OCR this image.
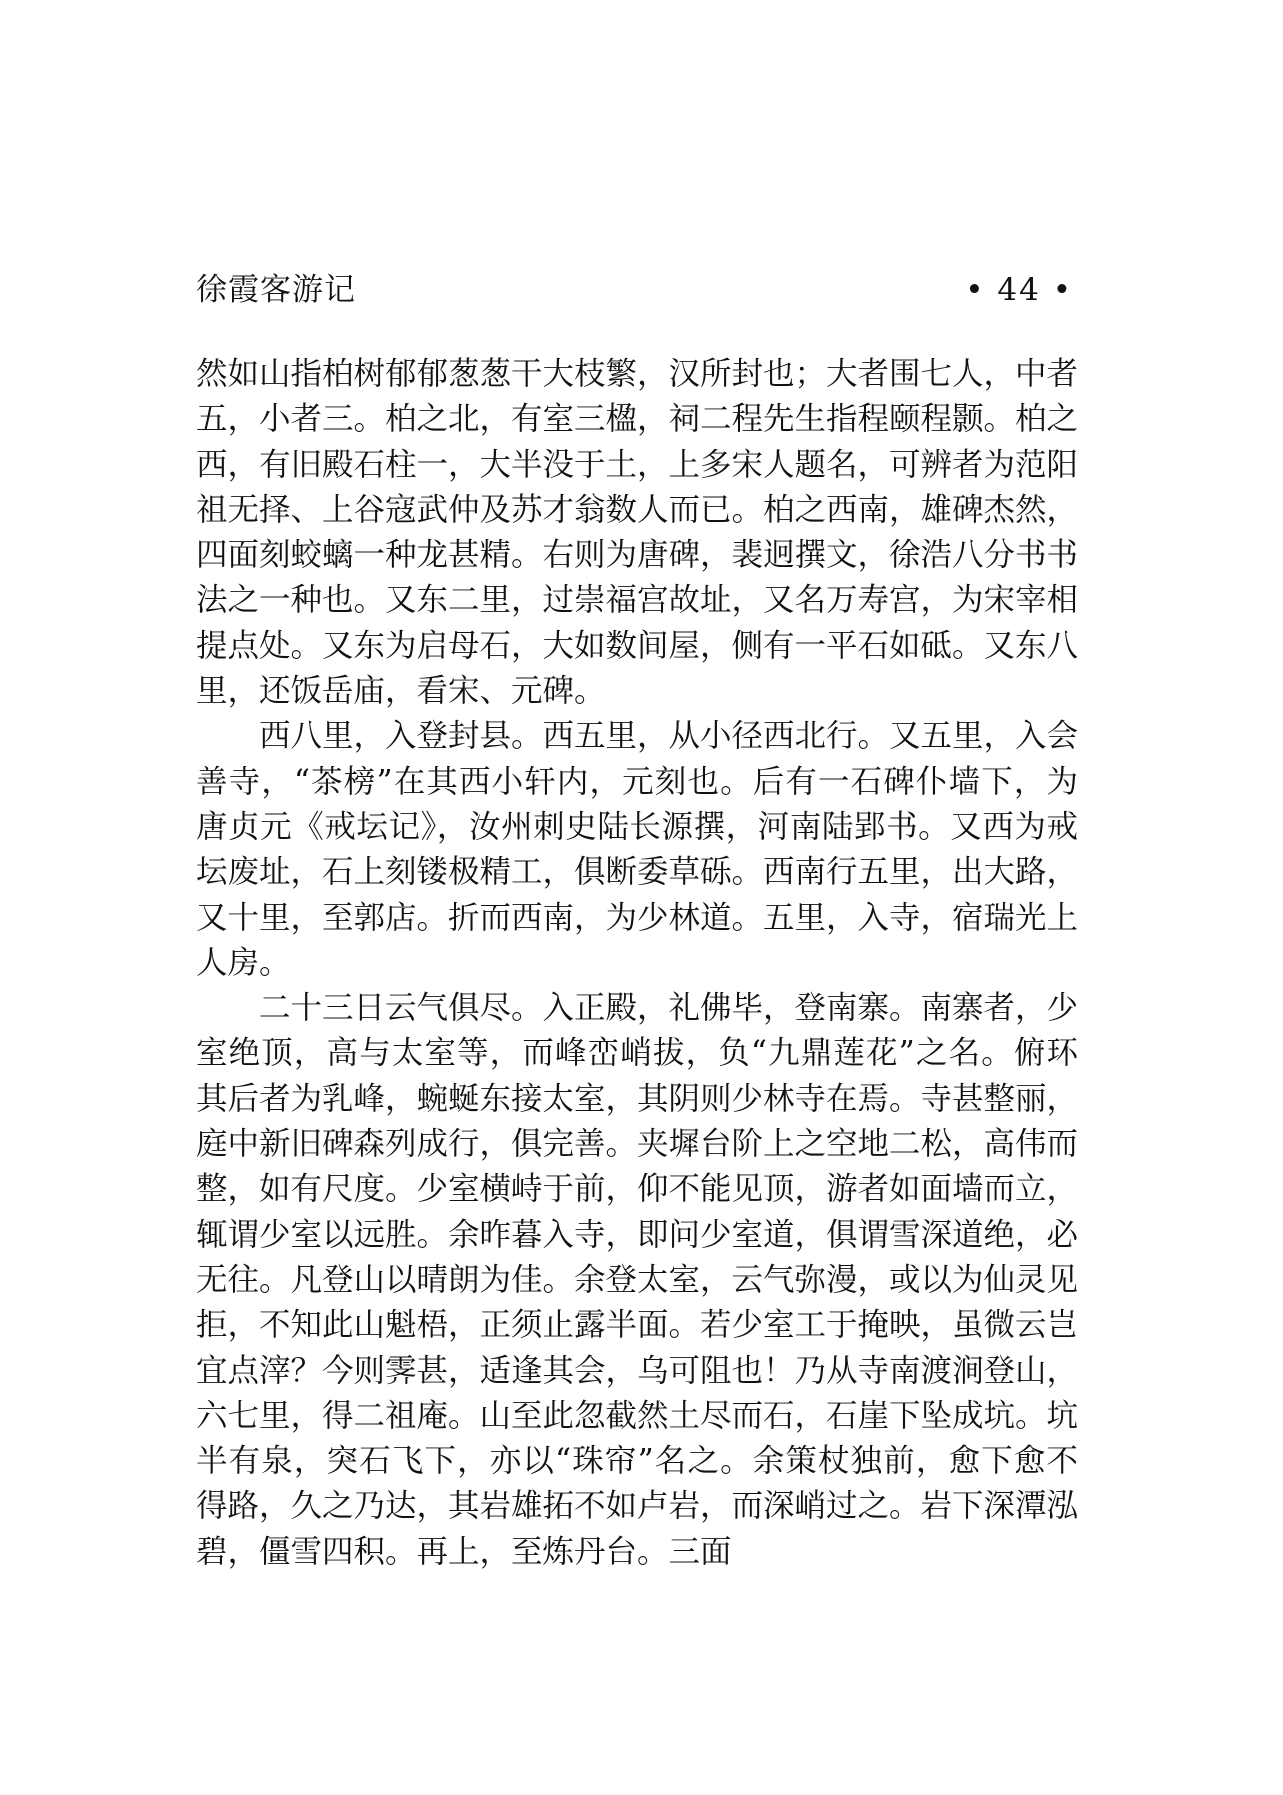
徐霞客游记	• 44 •

然如山指柏树郁郁葱葱干大枝繁，汉所封也；大者围七人，中者五，小者三。柏之北，有室三楹，祠二程先生指程颐程颢。柏之西，有旧殿石柱一，大半没于土，上多宋人题名，可辨者为范阳祖无择、上谷寇武仲及苏才翁数人而已。柏之西南，雄碑杰然，四面刻蛟螭一种龙甚精。右则为唐碑，裴迥撰文，徐浩八分书书法之一种也。又东二里，过崇福宫故址，又名万寿宫，为宋宰相提点处。又东为启母石，大如数间屋，侧有一平石如砥。又东八里，还饭岳庙，看宋、元碑。

西八里，入登封县。西五里，从小径西北行。又五里，入会善寺，“茶榜”在其西小轩内，元刻也。后有一石碑仆墙下，为唐贞元《戒坛记》，汝州刺史陆长源撰，河南陆郢书。又西为戒坛废址，石上刻镂极精工，俱断委草砾。西南行五里，出大路，又十里，至郭店。折而西南，为少林道。五里，入寺，宿瑞光上人房。

二十三日云气俱尽。入正殿，礼佛毕，登南寨。南寨者，少室绝顶，高与太室等，而峰峦峭拔，负“九鼎莲花”之名。俯环其后者为乳峰，蜿蜒东接太室，其阴则少林寺在焉。寺甚整丽，庭中新旧碑森列成行，俱完善。夹墀台阶上之空地二松，高伟而整，如有尺度。少室横峙于前，仰不能见顶，游者如面墙而立，辄谓少室以远胜。余昨暮入寺，即问少室道，俱谓雪深道绝，必无往。凡登山以晴朗为佳。余登太室，云气弥漫，或以为仙灵见拒，不知此山魁梧，正须止露半面。若少室工于掩映，虽微云岂宜点滓？今则霁甚，适逢其会，乌可阻也！乃从寺南渡涧登山，六七里，得二祖庵。山至此忽截然土尽而石，石崖下坠成坑。坑半有泉，突石飞下，亦以“珠帘”名之。余策杖独前，愈下愈不得路，久之乃达，其岩雄拓不如卢岩，而深峭过之。岩下深潭泓碧，僵雪四积。再上，至炼丹台。三面
